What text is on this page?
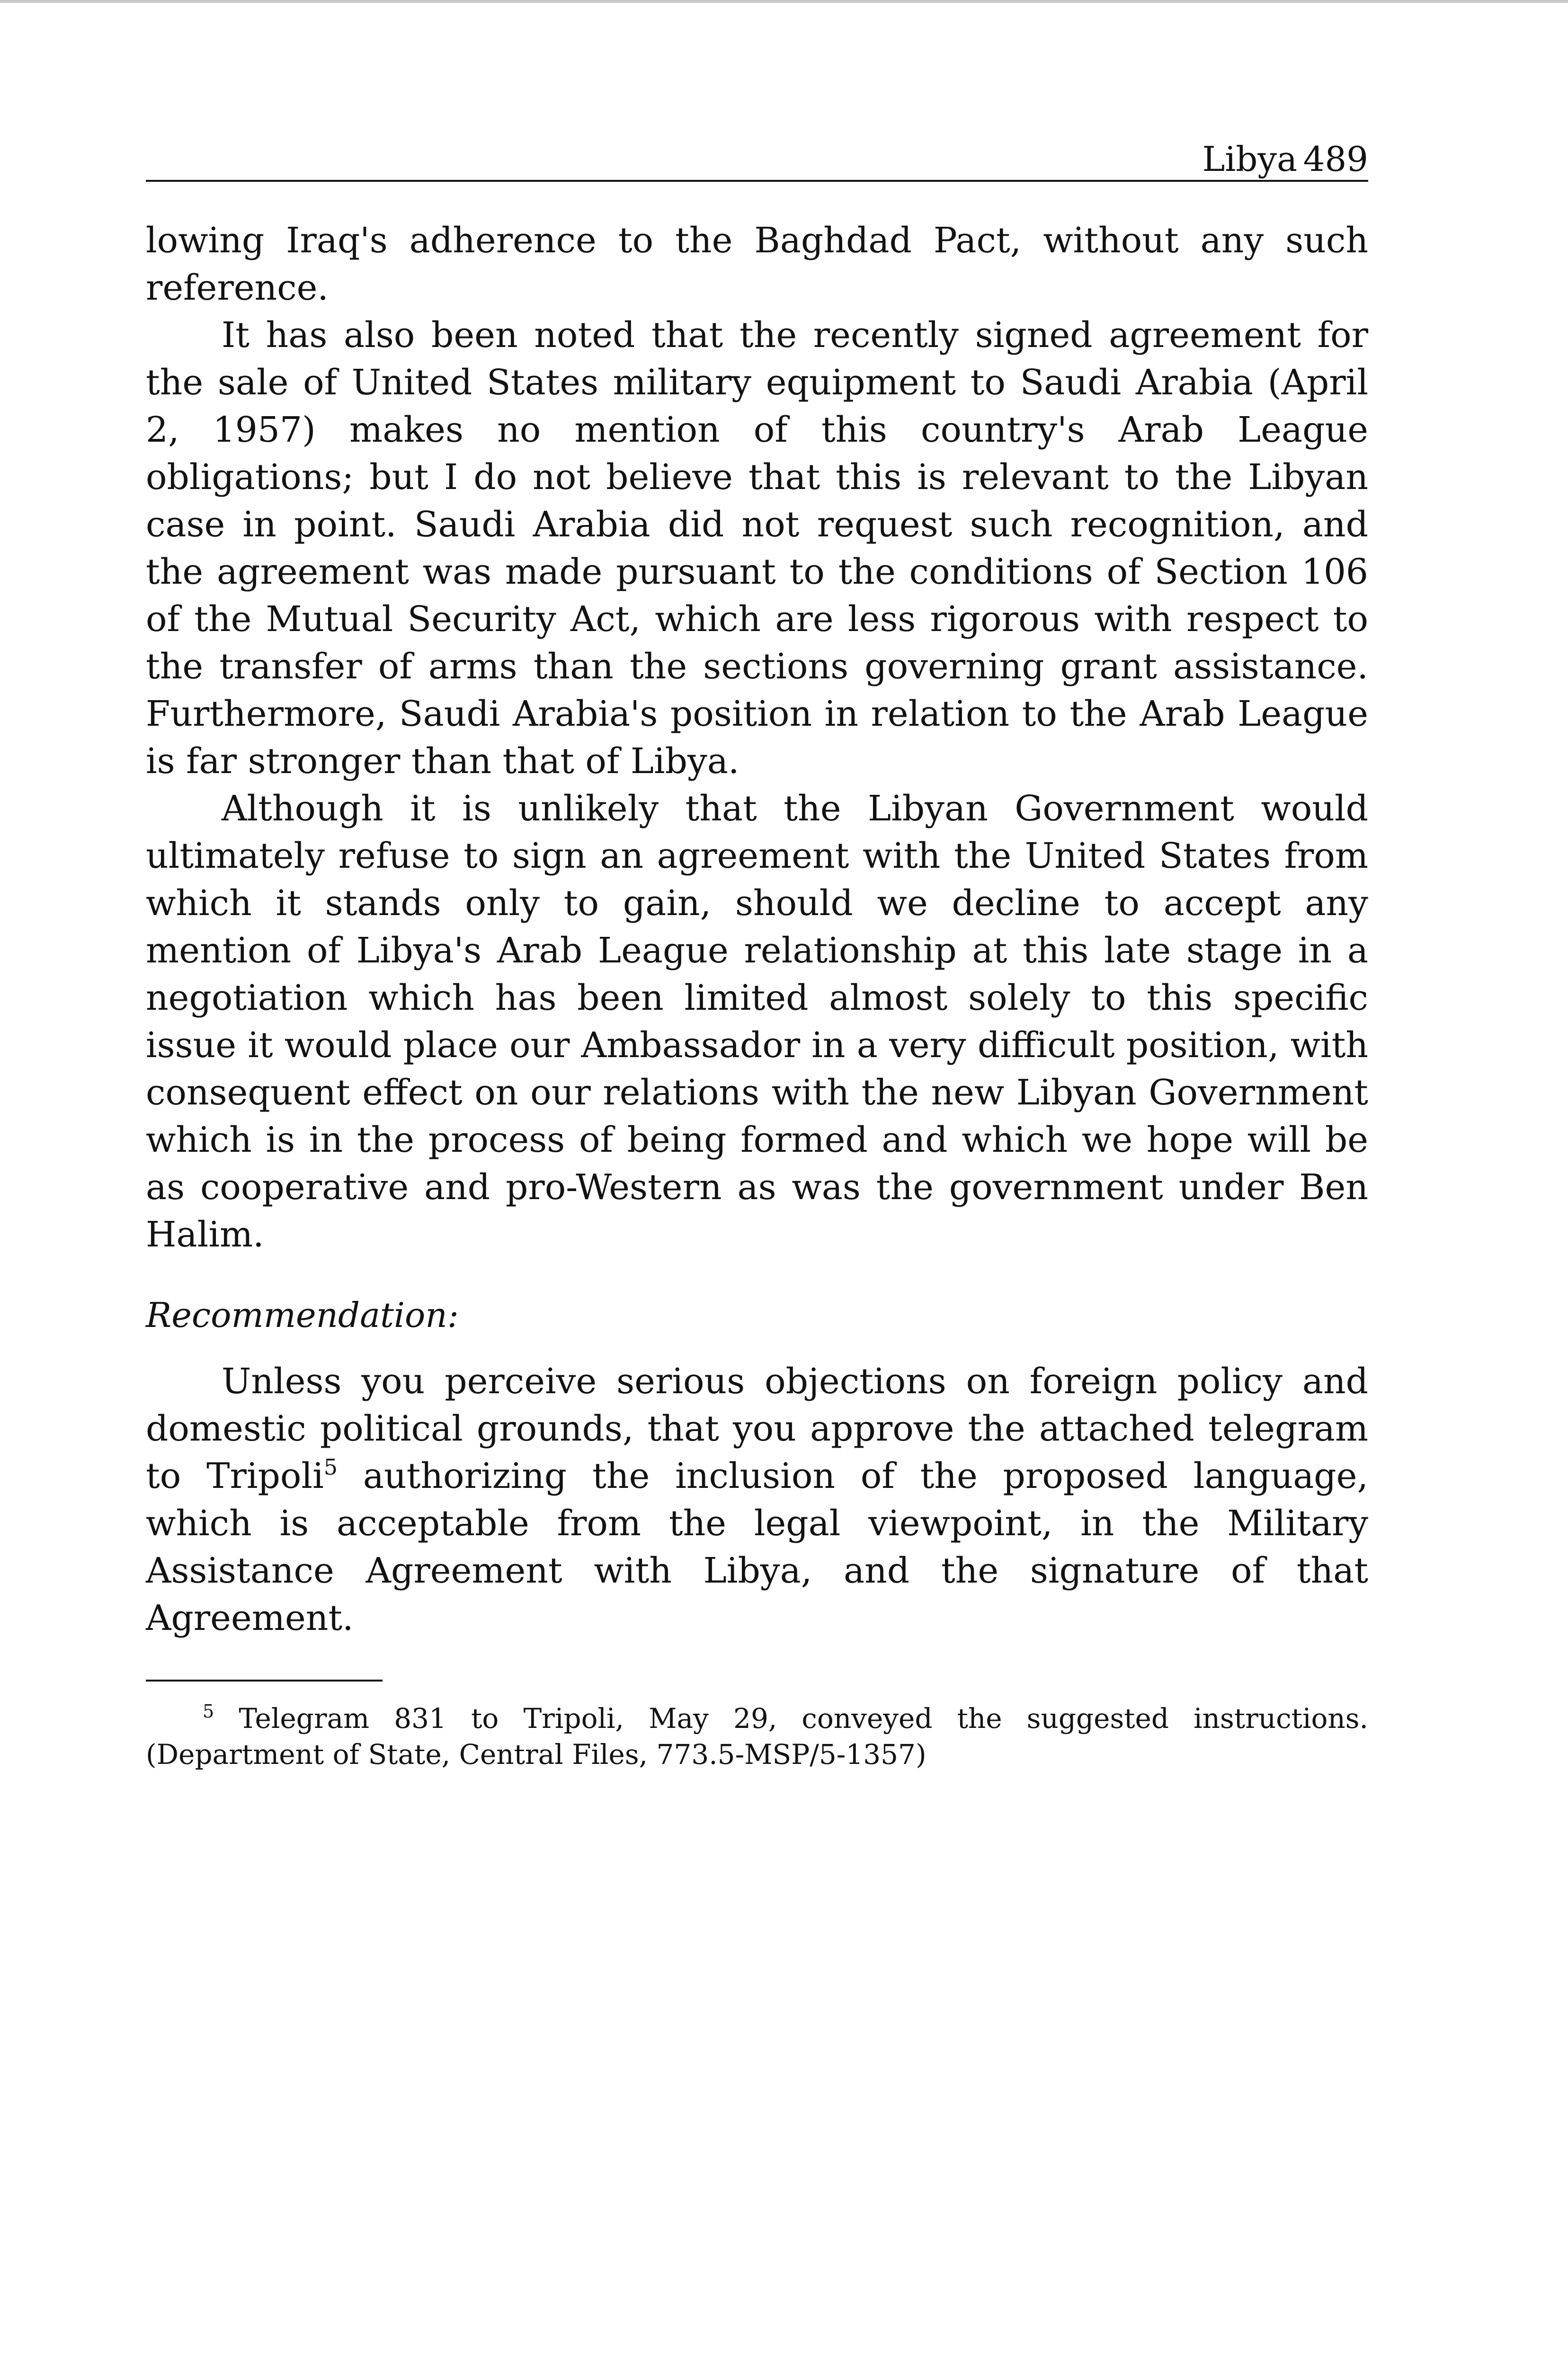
Libya 489

lowing Iraq's adherence to the Baghdad Pact, without any such reference.

It has also been noted that the recently signed agreement for the sale of United States military equipment to Saudi Arabia (April 2, 1957) makes no mention of this country's Arab League obligations; but I do not believe that this is relevant to the Libyan case in point. Saudi Arabia did not request such recognition, and the agreement was made pursuant to the conditions of Section 106 of the Mutual Security Act, which are less rigorous with respect to the transfer of arms than the sections governing grant assistance. Furthermore, Saudi Arabia's position in relation to the Arab League is far stronger than that of Libya.

Although it is unlikely that the Libyan Government would ultimately refuse to sign an agreement with the United States from which it stands only to gain, should we decline to accept any mention of Libya's Arab League relationship at this late stage in a negotiation which has been limited almost solely to this specific issue it would place our Ambassador in a very difficult position, with consequent effect on our relations with the new Libyan Government which is in the process of being formed and which we hope will be as cooperative and pro-Western as was the government under Ben Halim.

Recommendation:

Unless you perceive serious objections on foreign policy and domestic political grounds, that you approve the attached telegram to Tripoli$^5$ authorizing the inclusion of the proposed language, which is acceptable from the legal viewpoint, in the Military Assistance Agreement with Libya, and the signature of that Agreement.

$^5$ Telegram 831 to Tripoli, May 29, conveyed the suggested instructions. (Department of State, Central Files, 773.5-MSP/5-1357)
